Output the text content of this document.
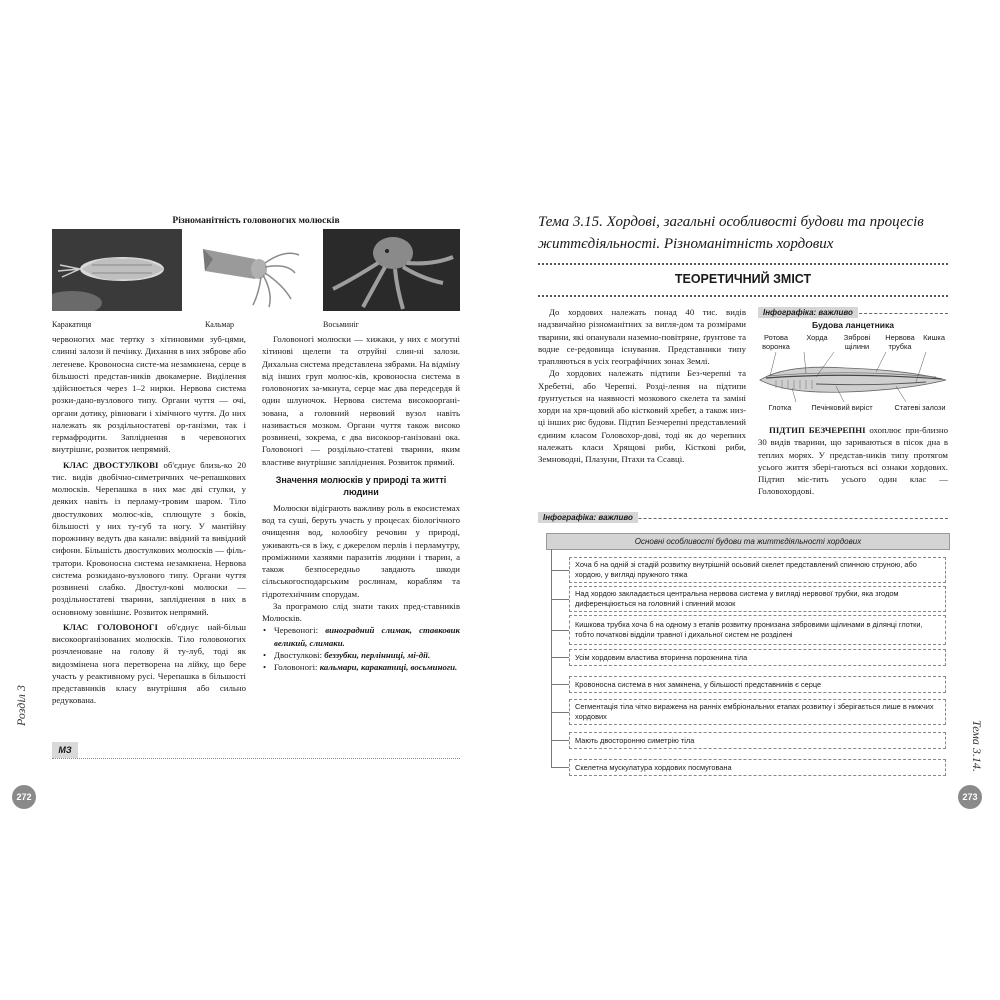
Різноманітність головоногих молюсків
Каракатиця	Кальмар	Восьминіг

червоногих має тертку з хітиновими зуб-цями, слинні залози й печінку. Дихання в них зяброве або легеневе. Кровоносна систе-ма незамкнена, серце в більшості представ-ників двокамерне. Виділення здійснюється через 1–2 нирки. Нервова система розки-дано-вузлового типу. Органи чуття — очі, органи дотику, рівноваги і хімічного чуття. До них належать як роздільностатеві ор-ганізми, так і гермафродити. Запліднення в черевоногих внутрішнє, розвиток непрямий.

КЛАС ДВОСТУЛКОВІ об'єднує близь-ко 20 тис. видів двобічно-симетричних че-репашкових молюсків. Черепашка в них має дві стулки, у деяких навіть із перламу-тровим шаром. Тіло двостулкових молюс-ків, сплющуте з боків, більшості у них ту-губ та ногу. У мантійну порожнину ведуть два канали: ввідний та вивідний сифони. Більшість двостулкових молюсків — філь-тратори. Кровоносна система незамкнена. Нервова система розкидано-вузлового типу. Органи чуття розвинені слабко. Двостул-кові молюски — роздільностатеві тварини, запліднення в них в основному зовнішнє. Розвиток непрямий.

КЛАС ГОЛОВОНОГІ об'єднує най-більш високоорганізованих молюсків. Тіло головоногих розчленоване на голову й ту-луб, тоді як видозмінена нога перетворена на лійку, що бере участь у реактивному русі. Черепашка в більшості представників класу внутрішня або сильно редукована.

Головоногі молюски — хижаки, у них є могутні хітинові щелепи та отруйні слин-ні залози. Дихальна система представлена зябрами. На відміну від інших груп молюс-ків, кровоносна система в головоногих за-мкнута, серце має два передсердя й один шлуночок. Нервова система високоорганi-зована, а головний нервовий вузол навіть називається мозком. Органи чуття також високо розвинені, зокрема, є два високоор-ганізовані ока. Головоногі — роздільно-статеві тварини, яким властиве внутрішнє запліднення. Розвиток прямий.

Значення молюсків у природі та житті людини

Молюски відіграють важливу роль в екосистемах вод та суші, беруть участь у процесах біологічного очищення вод, колообігу речовин у природі, уживають-ся в їжу, є джерелом перлів і перламутру, проміжними хазяями паразитів людини і тварин, а також безпосередньо завдають шкоди сільськогосподарським рослинам, кораблям та гідротехнічним спорудам.

За програмою слід знати таких пред-ставників Молюсків.

• Черевоногі: виноградний слимак, ставковик великий, слимаки.
• Двостулкові: беззубки, перлінниці, мі-дії.
• Головоногі: кальмари, каракатиці, восьминоги.

МЗ
Розділ 3
272
Тема 3.15. Хордові, загальні особливості будови та процесів життєдіяльності. Різноманітність хордових
ТЕОРЕТИЧНИЙ ЗМІСТ

До хордових належать понад 40 тис. видів надзвичайно різноманітних за вигля-дом та розмірами тварини, які опанували наземно-повітряне, ґрунтове та водне се-редовища існування. Представники типу трапляються в усіх географічних зонах Землі.

До хордових належать підтипи Без-черепні та Хребетні, або Черепні. Розді-лення на підтипи ґрунтується на наявності мозкового скелета та заміні хорди на хря-щовий або кістковий хребет, а також низ-ці інших рис будови. Підтип Безчерепні представлений єдиним класом Головохор-дові, тоді як до черепних належать класи Хрящові риби, Кісткові риби, Земноводні, Плазуни, Птахи та Ссавці.

Інфографіка: важливо
Будова ланцетника
Ротова воронка
Хорда	Зяброві щілини
Нервова трубка
Кишка
Глотка	Печінковий виріст	Статеві залози

ПІДТИП БЕЗЧЕРЕПНІ охоплює при-близно 30 видів тварини, що зариваються в пісок дна в теплих морях. У представ-ників типу протягом усього життя збері-гаються всі ознаки хордових. Підтип міс-тить усього один клас — Головохордові.

Інфографіка: важливо
Основні особливості будови та життєдіяльності хордових
Хоча б на одній зі стадій розвитку внутрішній осьовий скелет представлений спинною струною, або хордою, у вигляді пружного тяжа
Над хордою закладається центральна нервова система у вигляді нервової трубки, яка згодом диференціюється на головний і спинний мозок
Кишкова трубка хоча б на одному з етапів розвитку пронизана зябровими щілинами в ділянці глотки, тобто початкові відділи травної і дихальної систем не розділені
Усім хордовим властива вторинна порожнина тіла
Кровоносна система в них замкнена, у більшості представників є серце
Сегментація тіла чітко виражена на ранніх ембріональних етапах розвитку і зберігається лише в нижчих хордових
Мають двосторонню симетрію тіла
Скелетна мускулатура хордових посмугована	Тема 3.14.
273
